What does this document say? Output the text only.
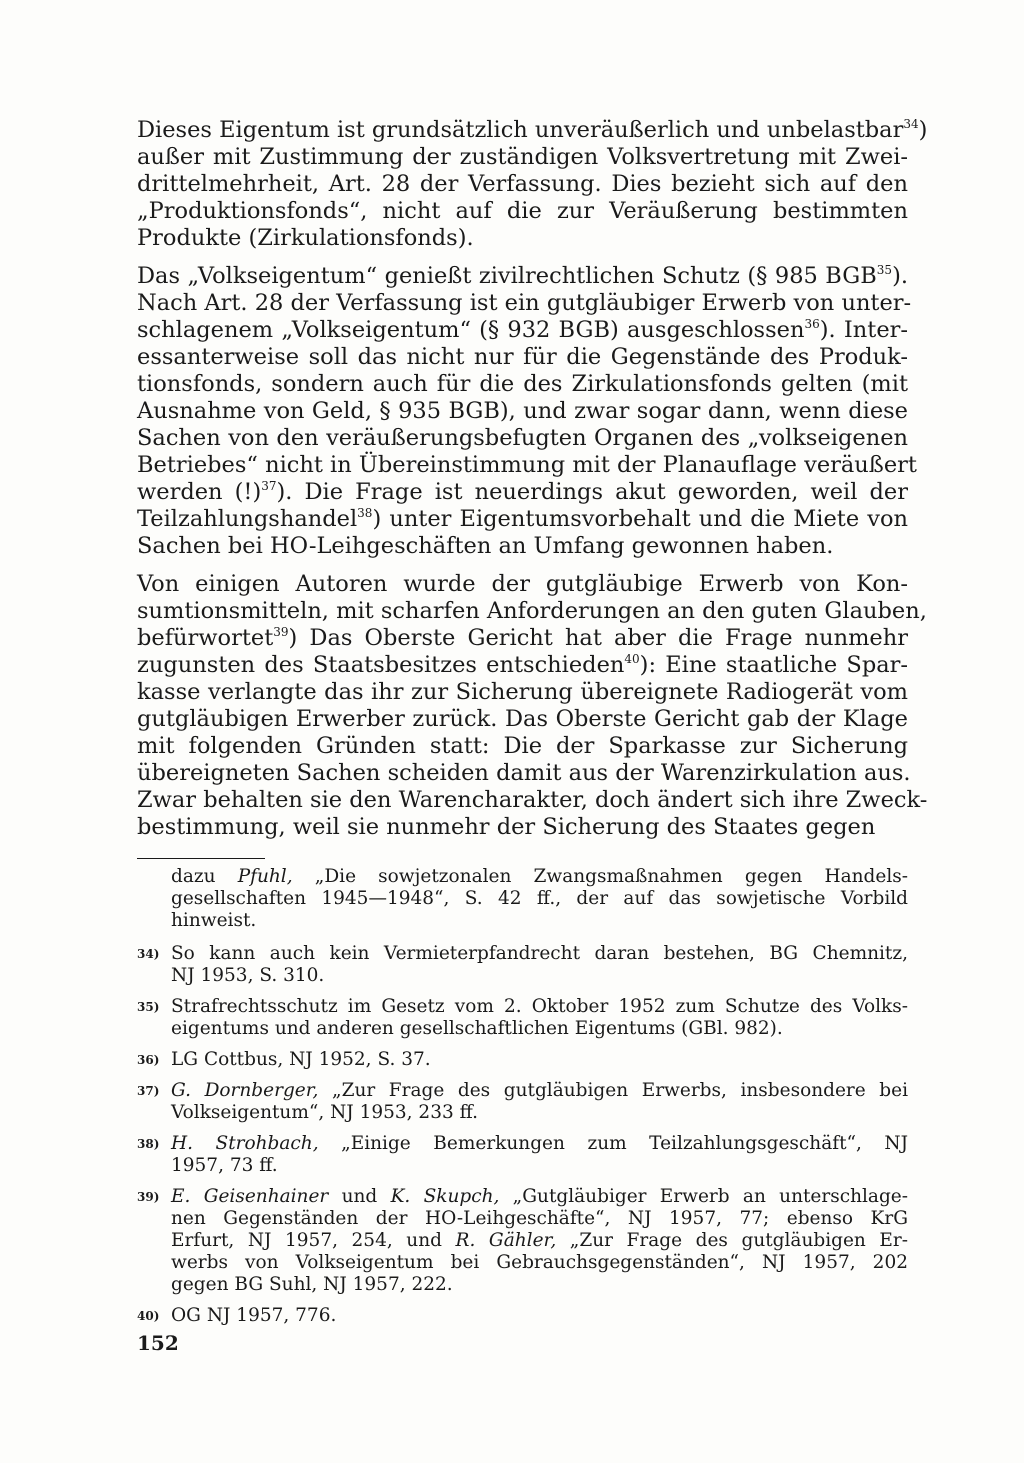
Dieses Eigentum ist grundsätzlich unveräußerlich und unbelastbar$^{34}$)
außer mit Zustimmung der zuständigen Volksvertretung mit Zwei-
drittelmehrheit, Art. 28 der Verfassung. Dies bezieht sich auf den
„Produktionsfonds“, nicht auf die zur Veräußerung bestimmten
Produkte (Zirkulationsfonds).

Das „Volkseigentum“ genießt zivilrechtlichen Schutz (§ 985 BGB$^{35}$).
Nach Art. 28 der Verfassung ist ein gutgläubiger Erwerb von unter-
schlagenem „Volkseigentum“ (§ 932 BGB) ausgeschlossen$^{36}$). Inter-
essanterweise soll das nicht nur für die Gegenstände des Produk-
tionsfonds, sondern auch für die des Zirkulationsfonds gelten (mit
Ausnahme von Geld, § 935 BGB), und zwar sogar dann, wenn diese
Sachen von den veräußerungsbefugten Organen des „volkseigenen
Betriebes“ nicht in Übereinstimmung mit der Planauflage veräußert
werden (!)$^{37}$). Die Frage ist neuerdings akut geworden, weil der
Teilzahlungshandel$^{38}$) unter Eigentumsvorbehalt und die Miete von
Sachen bei HO-Leihgeschäften an Umfang gewonnen haben.

Von einigen Autoren wurde der gutgläubige Erwerb von Kon-
sumtionsmitteln, mit scharfen Anforderungen an den guten Glauben,
befürwortet$^{39}$) Das Oberste Gericht hat aber die Frage nunmehr
zugunsten des Staatsbesitzes entschieden$^{40}$): Eine staatliche Spar-
kasse verlangte das ihr zur Sicherung übereignete Radiogerät vom
gutgläubigen Erwerber zurück. Das Oberste Gericht gab der Klage
mit folgenden Gründen statt: Die der Sparkasse zur Sicherung
übereigneten Sachen scheiden damit aus der Warenzirkulation aus.
Zwar behalten sie den Warencharakter, doch ändert sich ihre Zweck-
bestimmung, weil sie nunmehr der Sicherung des Staates gegen

dazu Pfuhl, „Die sowjetzonalen Zwangsmaßnahmen gegen Handels-
gesellschaften 1945—1948“, S. 42 ff., der auf das sowjetische Vorbild
hinweist.
34) So kann auch kein Vermieterpfandrecht daran bestehen, BG Chemnitz,
NJ 1953, S. 310.
35) Strafrechtsschutz im Gesetz vom 2. Oktober 1952 zum Schutze des Volks-
eigentums und anderen gesellschaftlichen Eigentums (GBl. 982).
36) LG Cottbus, NJ 1952, S. 37.
37) G. Dornberger, „Zur Frage des gutgläubigen Erwerbs, insbesondere bei
Volkseigentum“, NJ 1953, 233 ff.
38) H. Strohbach, „Einige Bemerkungen zum Teilzahlungsgeschäft“, NJ
1957, 73 ff.
39) E. Geisenhainer und K. Skupch, „Gutgläubiger Erwerb an unterschlage-
nen Gegenständen der HO-Leihgeschäfte“, NJ 1957, 77; ebenso KrG
Erfurt, NJ 1957, 254, und R. Gähler, „Zur Frage des gutgläubigen Er-
werbs von Volkseigentum bei Gebrauchsgegenständen“, NJ 1957, 202
gegen BG Suhl, NJ 1957, 222.
40) OG NJ 1957, 776.
152
